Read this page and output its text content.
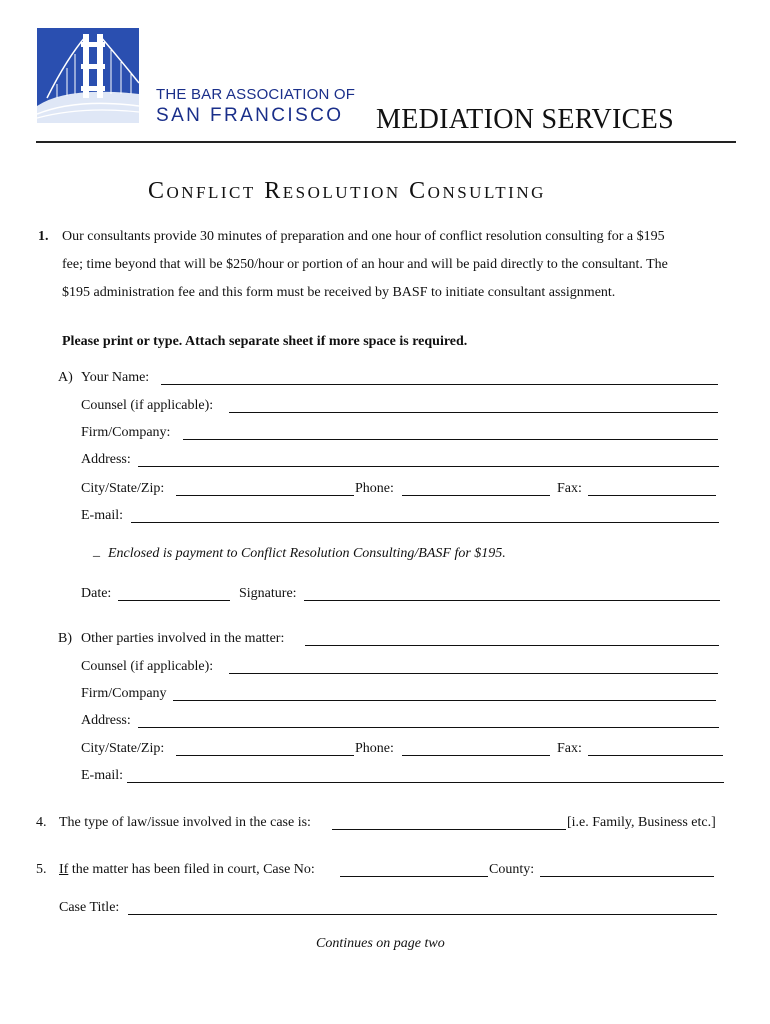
THE BAR ASSOCIATION OF
SAN FRANCISCO MEDIATION SERVICES
Conflict Resolution Consulting
1. Our consultants provide 30 minutes of preparation and one hour of conflict resolution consulting for a $195
fee; time beyond that will be $250/hour or portion of an hour and will be paid directly to the consultant. The
$195 administration fee and this form must be received by BASF to initiate consultant assignment.
Please print or type. Attach separate sheet if more space is required.
A) Your Name:
Counsel (if applicable):
Firm/Company:
Address:
City/State/Zip:	Phone:	Fax:
E-mail:
_ Enclosed is payment to Conflict Resolution Consulting/BASF for $195.
Date:	Signature:
B) Other parties involved in the matter:
Counsel (if applicable):
Firm/Company
Address:
City/State/Zip:	Phone:	Fax:
E-mail:
4. The type of law/issue involved in the case is:	[i.e. Family, Business etc.]
5. If the matter has been filed in court, Case No:	County:
Case Title:
Continues on page two
